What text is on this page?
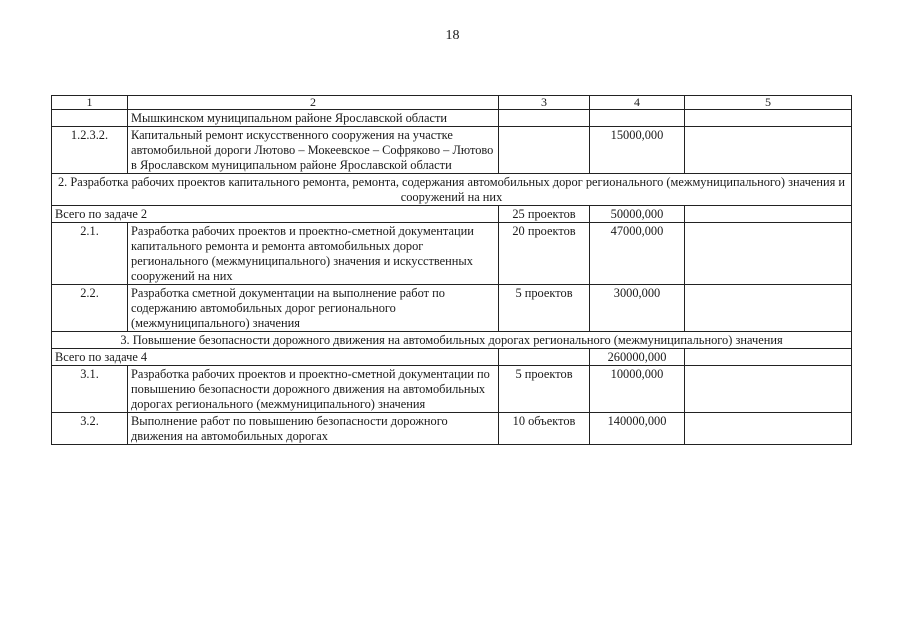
18
1	2	3	4	5
	Мышкинском муниципальном районе Ярославской области			
1.2.3.2.	Капитальный ремонт искусственного сооружения на участке автомобильной дороги Лютово – Мокеевское – Софряково – Лютово в Ярославском муниципальном районе Ярославской области		15000,000	
2. Разработка рабочих проектов капитального ремонта, ремонта, содержания автомобильных дорог регионального (межмуниципального) значения и сооружений на них				
Всего по задаче 2		25 проектов	50000,000	
2.1.	Разработка рабочих проектов и проектно-сметной документации капитального ремонта и ремонта автомобильных дорог регионального (межмуниципального) значения и искусственных сооружений на них	20 проектов	47000,000	
2.2.	Разработка сметной документации на выполнение работ по содержанию автомобильных дорог регионального (межмуниципального) значения	5 проектов	3000,000	
3. Повышение безопасности дорожного движения на автомобильных дорогах регионального (межмуниципального) значения				
Всего по задаче 4			260000,000	
3.1.	Разработка рабочих проектов и проектно-сметной документации по повышению безопасности дорожного движения на автомобильных дорогах регионального (межмуниципального) значения	5 проектов	10000,000	
3.2.	Выполнение работ по повышению безопасности дорожного движения на автомобильных дорогах	10 объектов	140000,000	
